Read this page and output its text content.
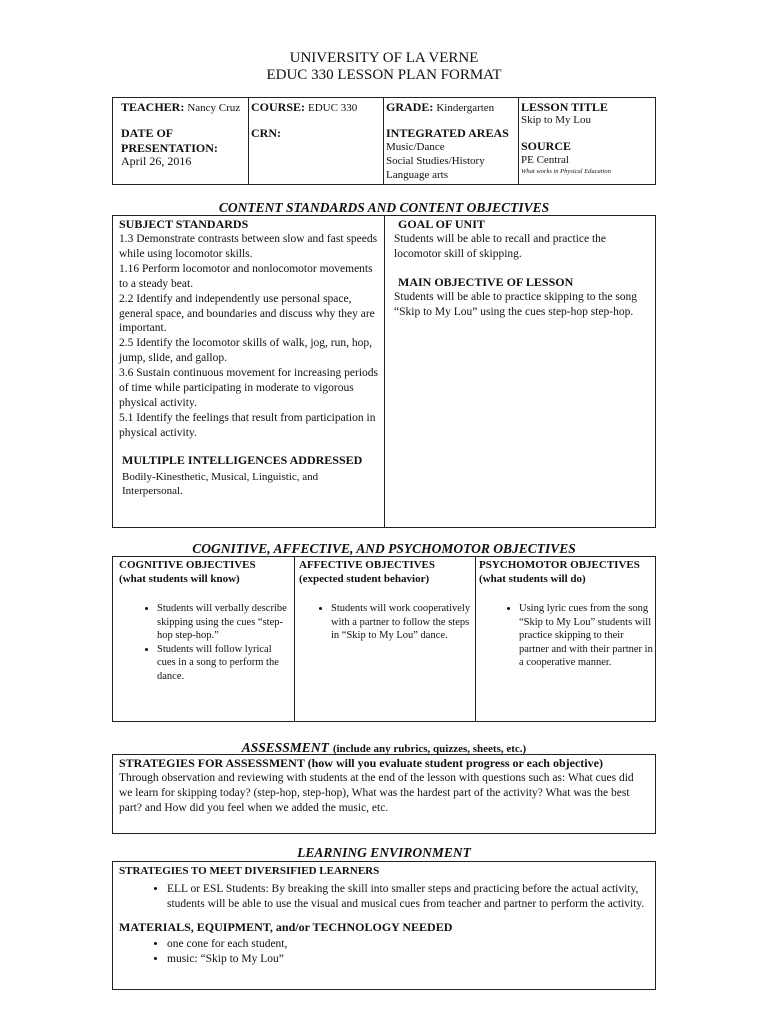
UNIVERSITY OF LA VERNE
EDUC 330 LESSON PLAN FORMAT
TEACHER: Nancy Cruz
DATE OF
PRESENTATION:
April 26, 2016
COURSE: EDUC 330
CRN:
GRADE: Kindergarten
INTEGRATED AREAS
Music/Dance
Social Studies/History
Language arts
LESSON TITLE
Skip to My Lou
SOURCE
PE Central
What works in Physical Education
CONTENT STANDARDS AND CONTENT OBJECTIVES
SUBJECT STANDARDS
1.3 Demonstrate contrasts between slow and fast speeds while using locomotor skills.
1.16 Perform locomotor and nonlocomotor movements to a steady beat.
2.2 Identify and independently use personal space, general space, and boundaries and discuss why they are important.
2.5 Identify the locomotor skills of walk, jog, run, hop, jump, slide, and gallop.
3.6 Sustain continuous movement for increasing periods of time while participating in moderate to vigorous physical activity.
5.1 Identify the feelings that result from participation in physical activity.
MULTIPLE INTELLIGENCES ADDRESSED
Bodily-Kinesthetic, Musical, Linguistic, and Interpersonal.
GOAL OF UNIT
Students will be able to recall and practice the locomotor skill of skipping.
MAIN OBJECTIVE OF LESSON
Students will be able to practice skipping to the song “Skip to My Lou” using the cues step-hop step-hop.
COGNITIVE, AFFECTIVE, AND PSYCHOMOTOR OBJECTIVES
COGNITIVE OBJECTIVES
(what students will know)
• Students will verbally describe skipping using the cues “step-hop step-hop.”
• Students will follow lyrical cues in a song to perform the dance.
AFFECTIVE OBJECTIVES
(expected student behavior)
• Students will work cooperatively with a partner to follow the steps in “Skip to My Lou” dance.
PSYCHOMOTOR OBJECTIVES
(what students will do)
• Using lyric cues from the song “Skip to My Lou” students will practice skipping to their partner and with their partner in a cooperative manner.
ASSESSMENT (include any rubrics, quizzes, sheets, etc.)
STRATEGIES FOR ASSESSMENT (how will you evaluate student progress or each objective)
Through observation and reviewing with students at the end of the lesson with questions such as: What cues did we learn for skipping today? (step-hop, step-hop), What was the hardest part of the activity? What was the best part? and How did you feel when we added the music, etc.
LEARNING ENVIRONMENT
STRATEGIES TO MEET DIVERSIFIED LEARNERS
• ELL or ESL Students: By breaking the skill into smaller steps and practicing before the actual activity, students will be able to use the visual and musical cues from teacher and partner to perform the activity.
MATERIALS, EQUIPMENT, and/or TECHNOLOGY NEEDED
• one cone for each student,
• music: “Skip to My Lou”
